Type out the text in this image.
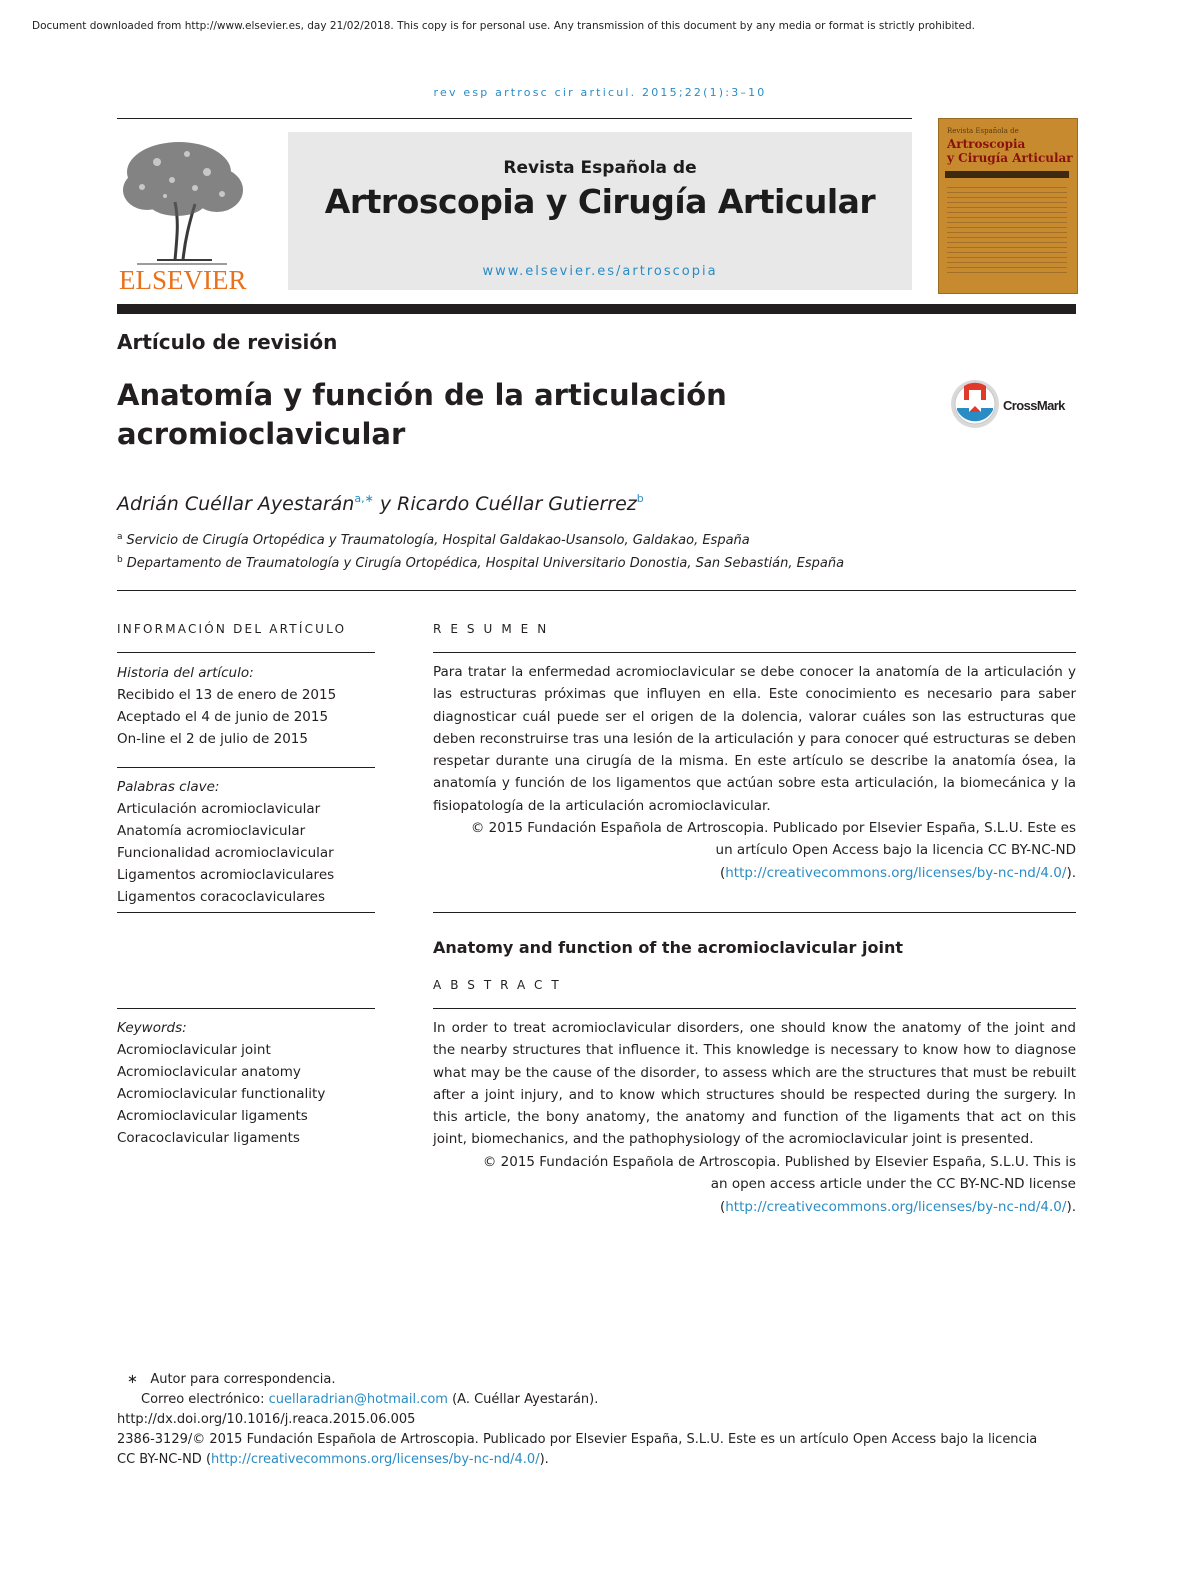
Document downloaded from http://www.elsevier.es, day 21/02/2018. This copy is for personal use. Any transmission of this document by any media or format is strictly prohibited.
rev esp artrosc cir articul. 2015;22(1):3–10
ELSEVIER
Revista Española de
Artroscopia y Cirugía Articular
www.elsevier.es/artroscopia
Revista Española de
Artroscopia
y Cirugía Articular
Artículo de revisión
Anatomía y función de la articulación
acromioclavicular
CrossMark
Adrián Cuéllar Ayestarán$^{a,∗}$ y Ricardo Cuéllar Gutierrez$^b$
$^a$ Servicio de Cirugía Ortopédica y Traumatología, Hospital Galdakao-Usansolo, Galdakao, España
$^b$ Departamento de Traumatología y Cirugía Ortopédica, Hospital Universitario Donostia, San Sebastián, España
INFORMACIÓN DEL ARTÍCULO
Historia del artículo:
Recibido el 13 de enero de 2015
Aceptado el 4 de junio de 2015
On-line el 2 de julio de 2015
Palabras clave:
Articulación acromioclavicular
Anatomía acromioclavicular
Funcionalidad acromioclavicular
Ligamentos acromioclaviculares
Ligamentos coracoclaviculares
Keywords:
Acromioclavicular joint
Acromioclavicular anatomy
Acromioclavicular functionality
Acromioclavicular ligaments
Coracoclavicular ligaments
RESUMEN
Para tratar la enfermedad acromioclavicular se debe conocer la anatomía de la articulación y las estructuras próximas que influyen en ella. Este conocimiento es necesario para saber diagnosticar cuál puede ser el origen de la dolencia, valorar cuáles son las estructuras que deben reconstruirse tras una lesión de la articulación y para conocer qué estructuras se deben respetar durante una cirugía de la misma. En este artículo se describe la anatomía ósea, la anatomía y función de los ligamentos que actúan sobre esta articulación, la biomecánica y la fisiopatología de la articulación acromioclavicular.
© 2015 Fundación Española de Artroscopia. Publicado por Elsevier España, S.L.U. Este es
un artículo Open Access bajo la licencia CC BY-NC-ND
(http://creativecommons.org/licenses/by-nc-nd/4.0/).
Anatomy and function of the acromioclavicular joint
ABSTRACT
In order to treat acromioclavicular disorders, one should know the anatomy of the joint and the nearby structures that influence it. This knowledge is necessary to know how to diagnose what may be the cause of the disorder, to assess which are the structures that must be rebuilt after a joint injury, and to know which structures should be respected during the surgery. In this article, the bony anatomy, the anatomy and function of the ligaments that act on this joint, biomechanics, and the pathophysiology of the acromioclavicular joint is presented.
© 2015 Fundación Española de Artroscopia. Published by Elsevier España, S.L.U. This is
an open access article under the CC BY-NC-ND license
(http://creativecommons.org/licenses/by-nc-nd/4.0/).
∗ Autor para correspondencia.
Correo electrónico: cuellaradrian@hotmail.com (A. Cuéllar Ayestarán).
http://dx.doi.org/10.1016/j.reaca.2015.06.005
2386-3129/© 2015 Fundación Española de Artroscopia. Publicado por Elsevier España, S.L.U. Este es un artículo Open Access bajo la licencia
CC BY-NC-ND (http://creativecommons.org/licenses/by-nc-nd/4.0/).
